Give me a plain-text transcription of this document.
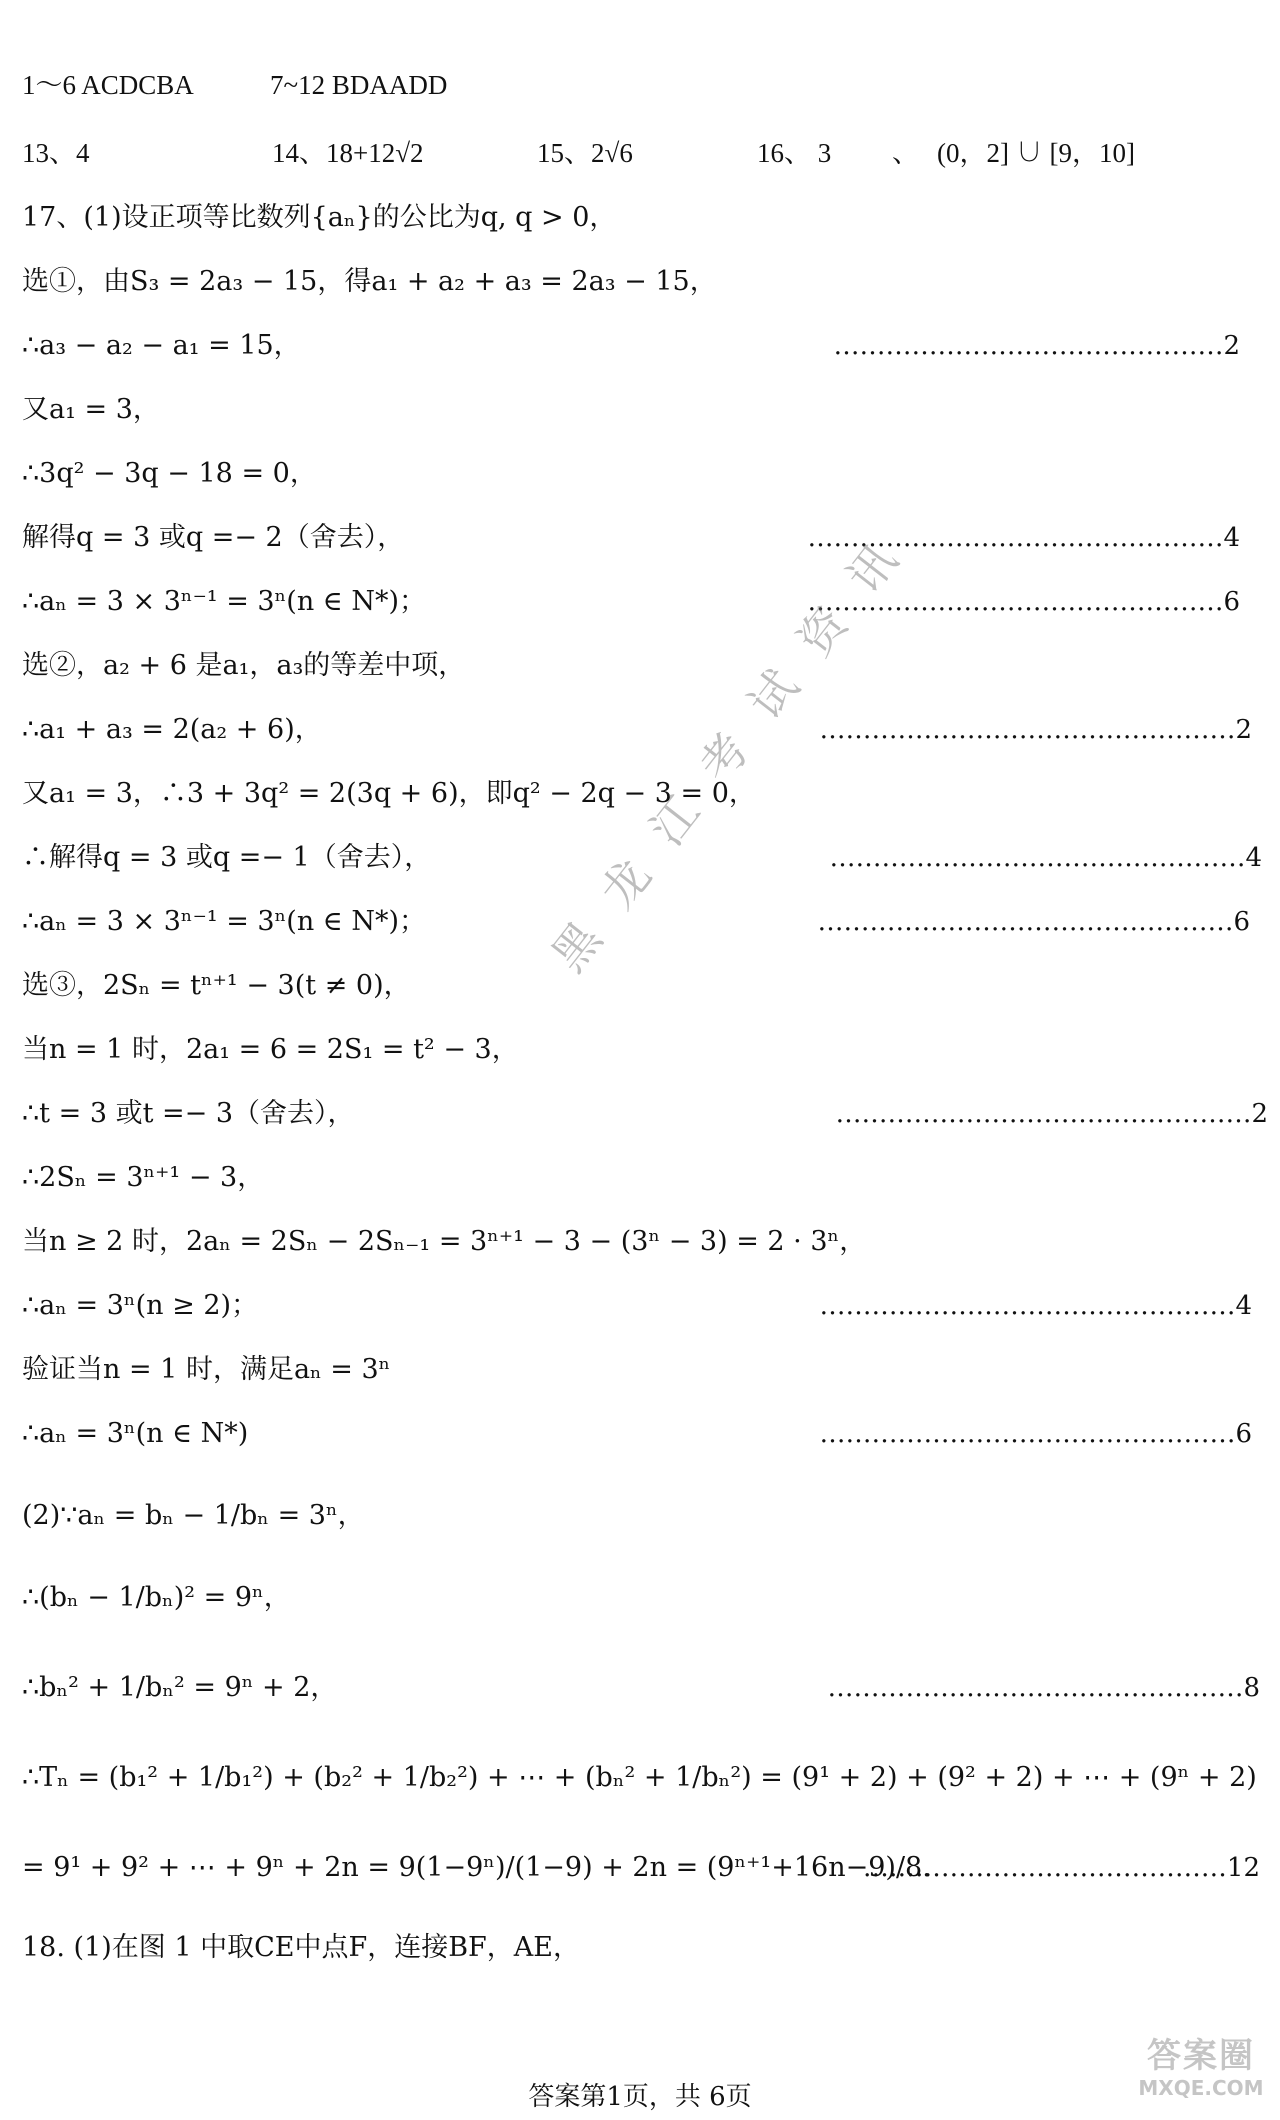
1～6 ACDCBA	7~12 BDAADD
13、4	14、18+12√2	15、2√6	16、 3 、 (0，2] ∪ [9，10]
17、(1)设正项等比数列{aₙ}的公比为q, q > 0，
选①，由S₃ = 2a₃ − 15，得a₁ + a₂ + a₃ = 2a₃ − 15，
∴a₃ − a₂ − a₁ = 15，
又a₁ = 3，
∴3q² − 3q − 18 = 0，
解得q = 3 或q =− 2（舍去），
∴aₙ = 3 × 3ⁿ⁻¹ = 3ⁿ(n ∈ N*)；
选②，a₂ + 6 是a₁，a₃的等差中项，
∴a₁ + a₃ = 2(a₂ + 6)，
又a₁ = 3，∴3 + 3q² = 2(3q + 6)，即q² − 2q − 3 = 0，
∴解得q = 3 或q =− 1（舍去），
∴aₙ = 3 × 3ⁿ⁻¹ = 3ⁿ(n ∈ N*)；
选③，2Sₙ = tⁿ⁺¹ − 3(t ≠ 0)，
当n = 1 时，2a₁ = 6 = 2S₁ = t² − 3，
∴t = 3 或t =− 3（舍去），
∴2Sₙ = 3ⁿ⁺¹ − 3，
当n ≥ 2 时，2aₙ = 2Sₙ − 2Sₙ₋₁ = 3ⁿ⁺¹ − 3 − (3ⁿ − 3) = 2 · 3ⁿ，
∴aₙ = 3ⁿ(n ≥ 2)；
验证当n = 1 时，满足aₙ = 3ⁿ
∴aₙ = 3ⁿ(n ∈ N*)
(2)∵aₙ = bₙ − 1/bₙ = 3ⁿ，
∴(bₙ − 1/bₙ)² = 9ⁿ，
∴bₙ² + 1/bₙ² = 9ⁿ + 2，
∴Tₙ = (b₁² + 1/b₁²) + (b₂² + 1/b₂²) + ⋯ + (bₙ² + 1/bₙ²) = (9¹ + 2) + (9² + 2) + ⋯ + (9ⁿ + 2)
= 9¹ + 9² + ⋯ + 9ⁿ + 2n = 9(1−9ⁿ)/(1−9) + 2n = (9ⁿ⁺¹+16n−9)/8.
………………………………………2
…………………………………………4
…………………………………………6
…………………………………………2
…………………………………………4
…………………………………………6
…………………………………………2
…………………………………………4
…………………………………………6
…………………………………………8
……………………………………12
18. (1)在图 1 中取CE中点F，连接BF，AE，
黑龙江考试资讯
答案第1页，共 6页
答案圈
MXQE.COM
